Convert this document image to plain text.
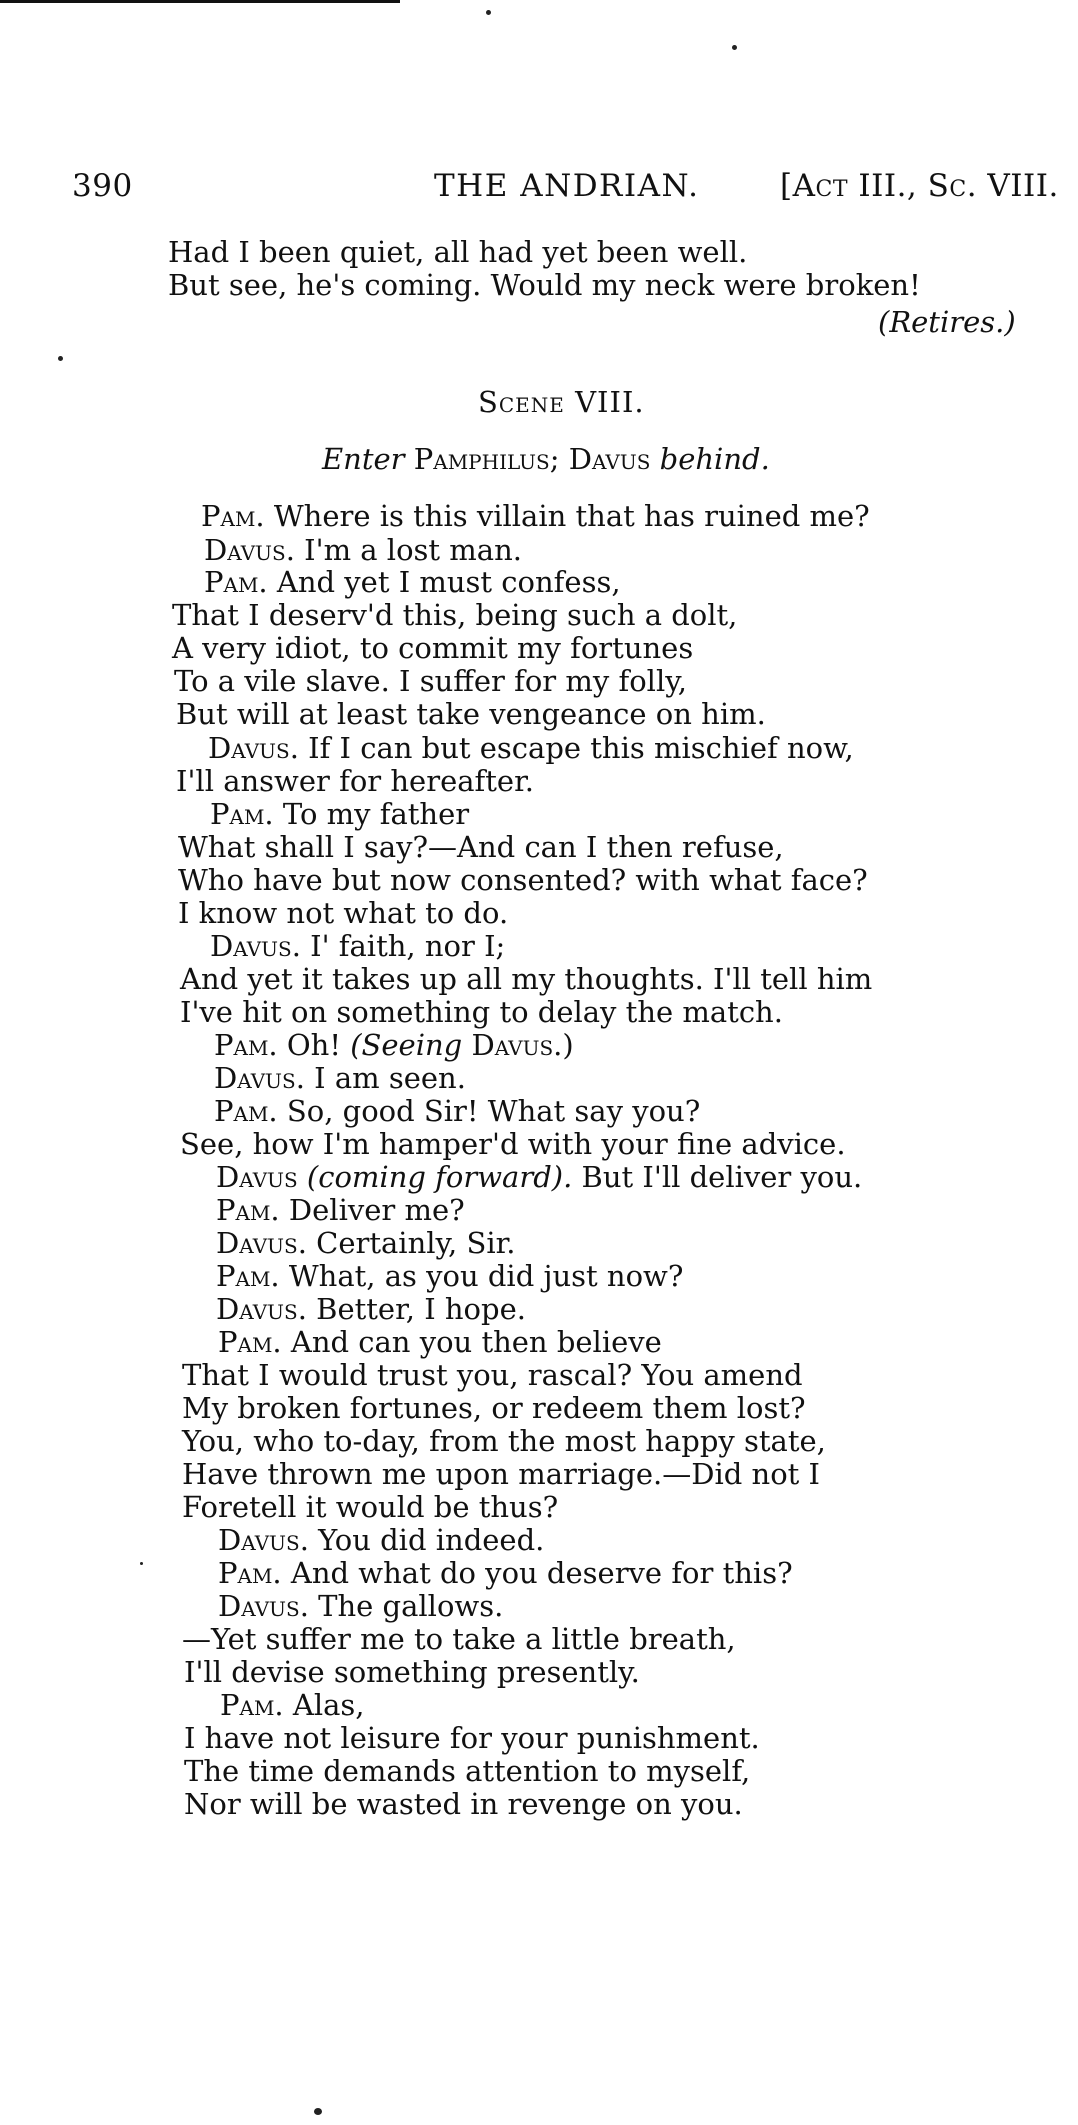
390	THE ANDRIAN.	[Act III., Sc. VIII.
Had I been quiet, all had yet been well.
But see, he's coming. Would my neck were broken!
(Retires.)
Scene VIII.
Enter Pamphilus; Davus behind.
Pam. Where is this villain that has ruined me?
Davus. I'm a lost man.
Pam. And yet I must confess,
That I deserv'd this, being such a dolt,
A very idiot, to commit my fortunes
To a vile slave. I suffer for my folly,
But will at least take vengeance on him.
Davus. If I can but escape this mischief now,
I'll answer for hereafter.
Pam. To my father
What shall I say?—And can I then refuse,
Who have but now consented? with what face?
I know not what to do.
Davus. I' faith, nor I;
And yet it takes up all my thoughts. I'll tell him
I've hit on something to delay the match.
Pam. Oh! (Seeing Davus.)
Davus. I am seen.
Pam. So, good Sir! What say you?
See, how I'm hamper'd with your fine advice.
Davus (coming forward). But I'll deliver you.
Pam. Deliver me?
Davus. Certainly, Sir.
Pam. What, as you did just now?
Davus. Better, I hope.
Pam. And can you then believe
That I would trust you, rascal? You amend
My broken fortunes, or redeem them lost?
You, who to-day, from the most happy state,
Have thrown me upon marriage.—Did not I
Foretell it would be thus?
Davus. You did indeed.
Pam. And what do you deserve for this?
Davus. The gallows.
—Yet suffer me to take a little breath,
I'll devise something presently.
Pam. Alas,
I have not leisure for your punishment.
The time demands attention to myself,
Nor will be wasted in revenge on you.
